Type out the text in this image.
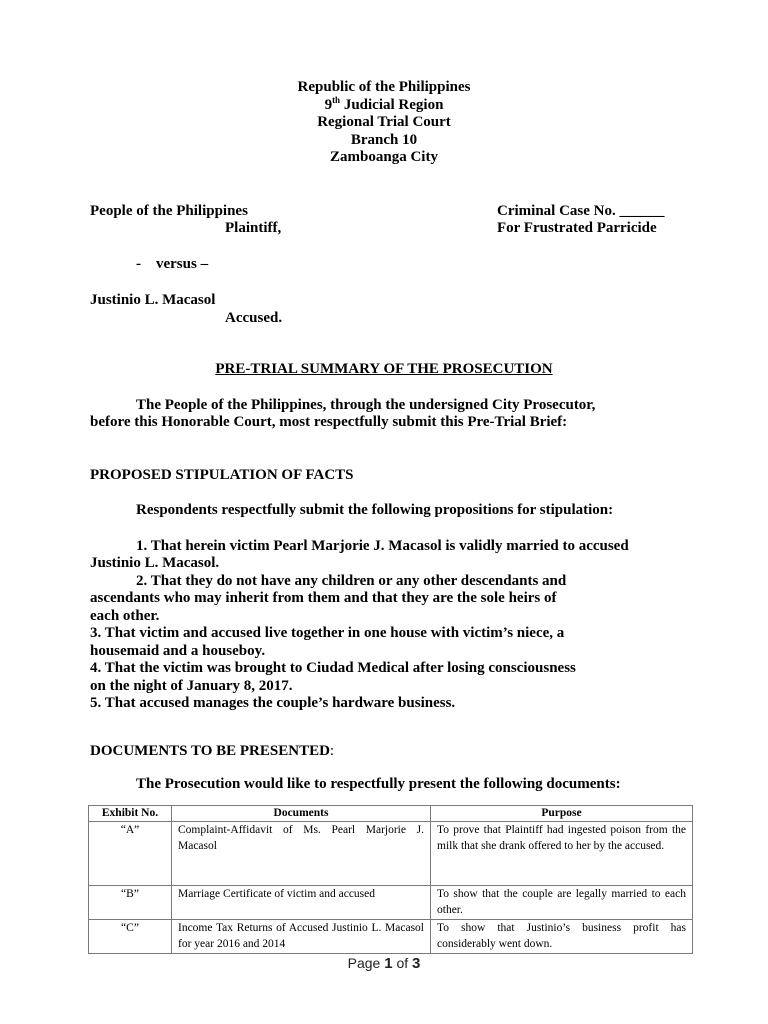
Republic of the Philippines
9th Judicial Region
Regional Trial Court
Branch 10
Zamboanga City
People of the Philippines
Plaintiff,
Criminal Case No. ______
For Frustrated Parricide
-    versus –
Justinio L. Macasol
Accused.
PRE-TRIAL SUMMARY OF THE PROSECUTION
The People of the Philippines, through the undersigned City Prosecutor,
before this Honorable Court, most respectfully submit this Pre-Trial Brief:
PROPOSED STIPULATION OF FACTS
Respondents respectfully submit the following propositions for stipulation:
1. That herein victim Pearl Marjorie J. Macasol is validly married to accused
Justinio L. Macasol.
2. That they do not have any children or any other descendants and
ascendants who may inherit from them and that they are the sole heirs of
each other.
3. That victim and accused live together in one house with victim’s niece, a
housemaid and a houseboy.
4. That the victim was brought to Ciudad Medical after losing consciousness
on the night of January 8, 2017.
5. That accused manages the couple’s hardware business.
DOCUMENTS TO BE PRESENTED:
The Prosecution would like to respectfully present the following documents:
Exhibit No.	Documents	Purpose
“A”	Complaint-Affidavit of Ms. Pearl Marjorie J. Macasol	To prove that Plaintiff had ingested poison from the milk that she drank offered to her by the accused.
“B”	Marriage Certificate of victim and accused	To show that the couple are legally married to each other.
“C”	Income Tax Returns of Accused Justinio L. Macasol for year 2016 and 2014	To show that Justinio’s business profit has considerably went down.
Page 1 of 3
